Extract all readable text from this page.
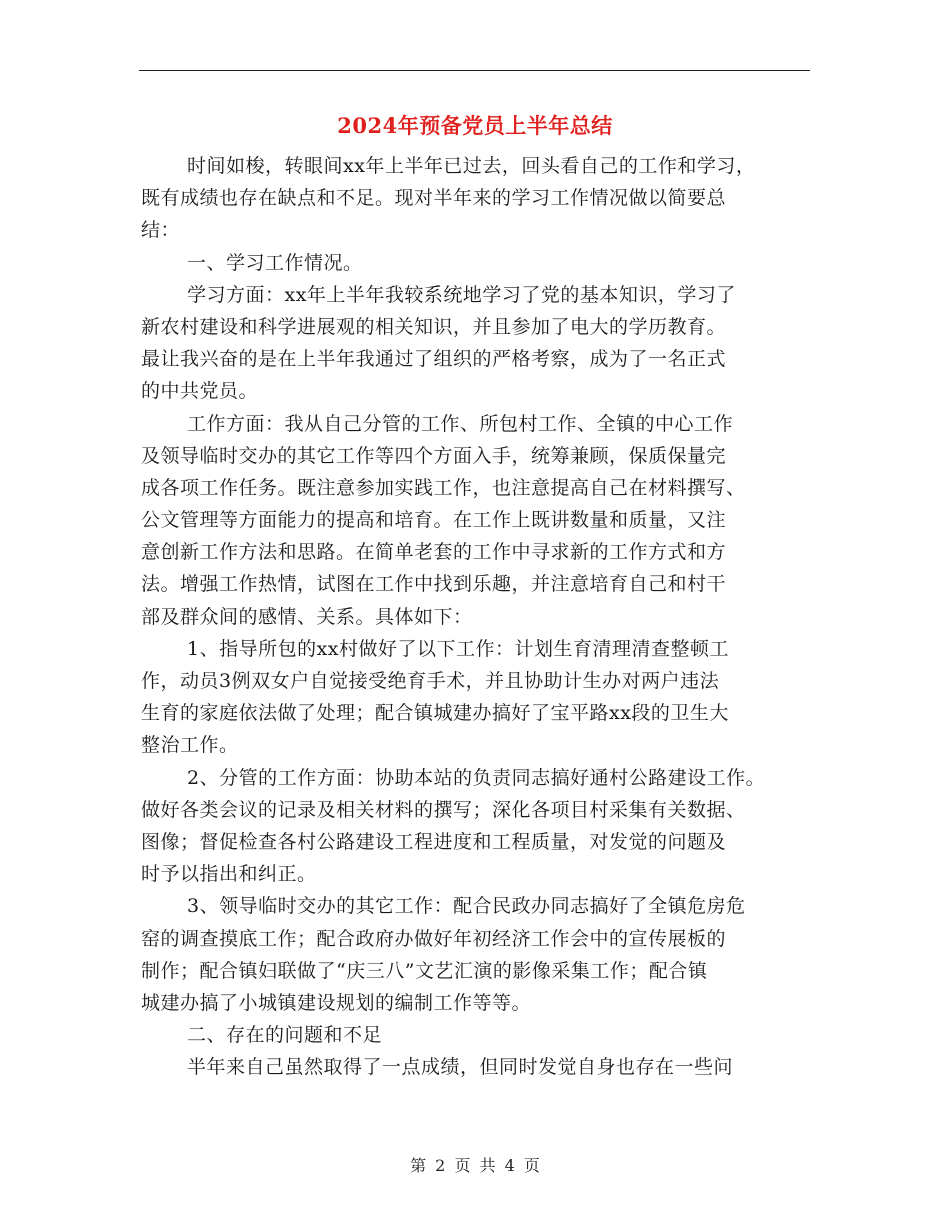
2024年预备党员上半年总结
时间如梭，转眼间xx年上半年已过去，回头看自己的工作和学习，
既有成绩也存在缺点和不足。现对半年来的学习工作情况做以简要总
结：
一、学习工作情况。
学习方面：xx年上半年我较系统地学习了党的基本知识，学习了
新农村建设和科学进展观的相关知识，并且参加了电大的学历教育。
最让我兴奋的是在上半年我通过了组织的严格考察，成为了一名正式
的中共党员。
工作方面：我从自己分管的工作、所包村工作、全镇的中心工作
及领导临时交办的其它工作等四个方面入手，统筹兼顾，保质保量完
成各项工作任务。既注意参加实践工作，也注意提高自己在材料撰写、
公文管理等方面能力的提高和培育。在工作上既讲数量和质量，又注
意创新工作方法和思路。在简单老套的工作中寻求新的工作方式和方
法。增强工作热情，试图在工作中找到乐趣，并注意培育自己和村干
部及群众间的感情、关系。具体如下：
1、指导所包的xx村做好了以下工作：计划生育清理清查整顿工
作，动员3例双女户自觉接受绝育手术，并且协助计生办对两户违法
生育的家庭依法做了处理；配合镇城建办搞好了宝平路xx段的卫生大
整治工作。
2、分管的工作方面：协助本站的负责同志搞好通村公路建设工作。
做好各类会议的记录及相关材料的撰写；深化各项目村采集有关数据、
图像；督促检查各村公路建设工程进度和工程质量，对发觉的问题及
时予以指出和纠正。
3、领导临时交办的其它工作：配合民政办同志搞好了全镇危房危
窑的调查摸底工作；配合政府办做好年初经济工作会中的宣传展板的
制作；配合镇妇联做了“庆三八”文艺汇演的影像采集工作；配合镇
城建办搞了小城镇建设规划的编制工作等等。
二、存在的问题和不足
半年来自己虽然取得了一点成绩，但同时发觉自身也存在一些问
第 2 页 共 4 页
